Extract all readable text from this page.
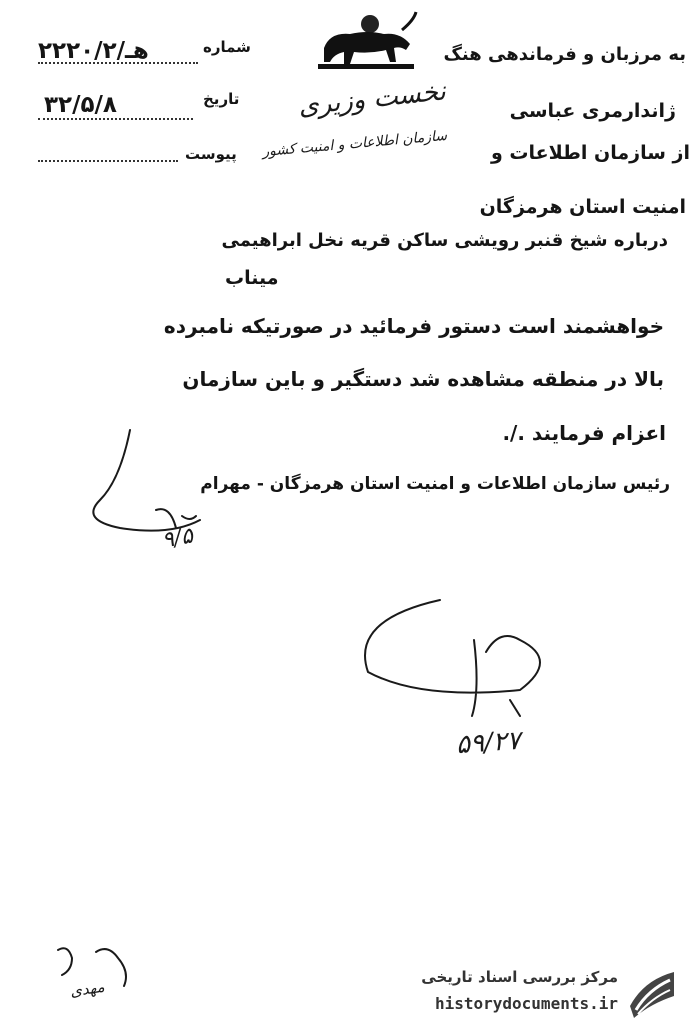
شماره
۲۲۲۰/هـ/۲
تاریخ
۳۲/۵/۸
پیوست
نخست وزیری
سازمان اطلاعات و امنیت کشور
به مرزبان و فرماندهی هنگ
ژاندارمری عباسی
از سازمان اطلاعات و
امنیت استان هرمزگان
درباره شیخ قنبر رویشی ساکن قریه نخل ابراهیمی
میناب
خواهشمند است دستور فرمائید در صورتیکه نامبرده
بالا در منطقه مشاهده شد دستگیر و باین سازمان
اعزام فرمایند ./.
رئیس سازمان اطلاعات و امنیت استان هرمزگان - مهرام
۹/۵
۵۹/۲۷
مهدی
مرکز بررسی اسناد تاریخی
historydocuments.ir
